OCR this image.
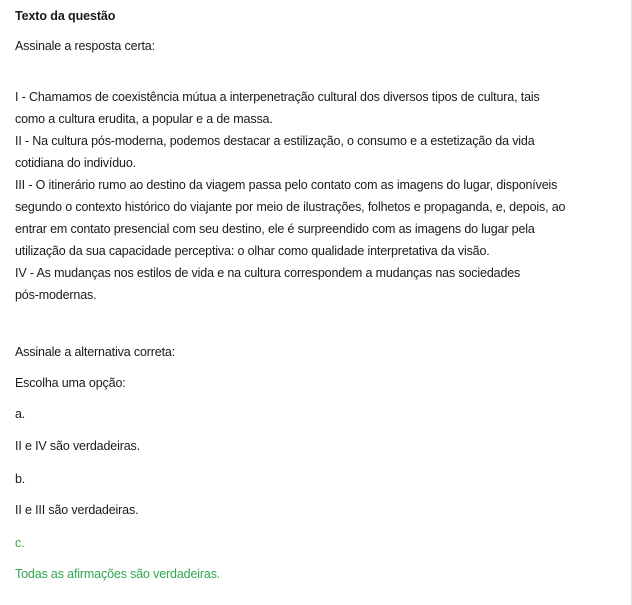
Texto da questão
Assinale a resposta certa:

I - Chamamos de coexistência mútua a interpenetração cultural dos diversos tipos de cultura, tais como a cultura erudita, a popular e a de massa.

II - Na cultura pós-moderna, podemos destacar a estilização, o consumo e a estetização da vida cotidiana do indivíduo.

III - O itinerário rumo ao destino da viagem passa pelo contato com as imagens do lugar, disponíveis segundo o contexto histórico do viajante por meio de ilustrações, folhetos e propaganda, e, depois, ao entrar em contato presencial com seu destino, ele é surpreendido com as imagens do lugar pela utilização da sua capacidade perceptiva: o olhar como qualidade interpretativa da visão.

IV - As mudanças nos estilos de vida e na cultura correspondem a mudanças nas sociedades pós-modernas.

Assinale a alternativa correta:
Escolha uma opção:
a.
II e IV são verdadeiras.
b.
II e III são verdadeiras.
c.
Todas as afirmações são verdadeiras.
